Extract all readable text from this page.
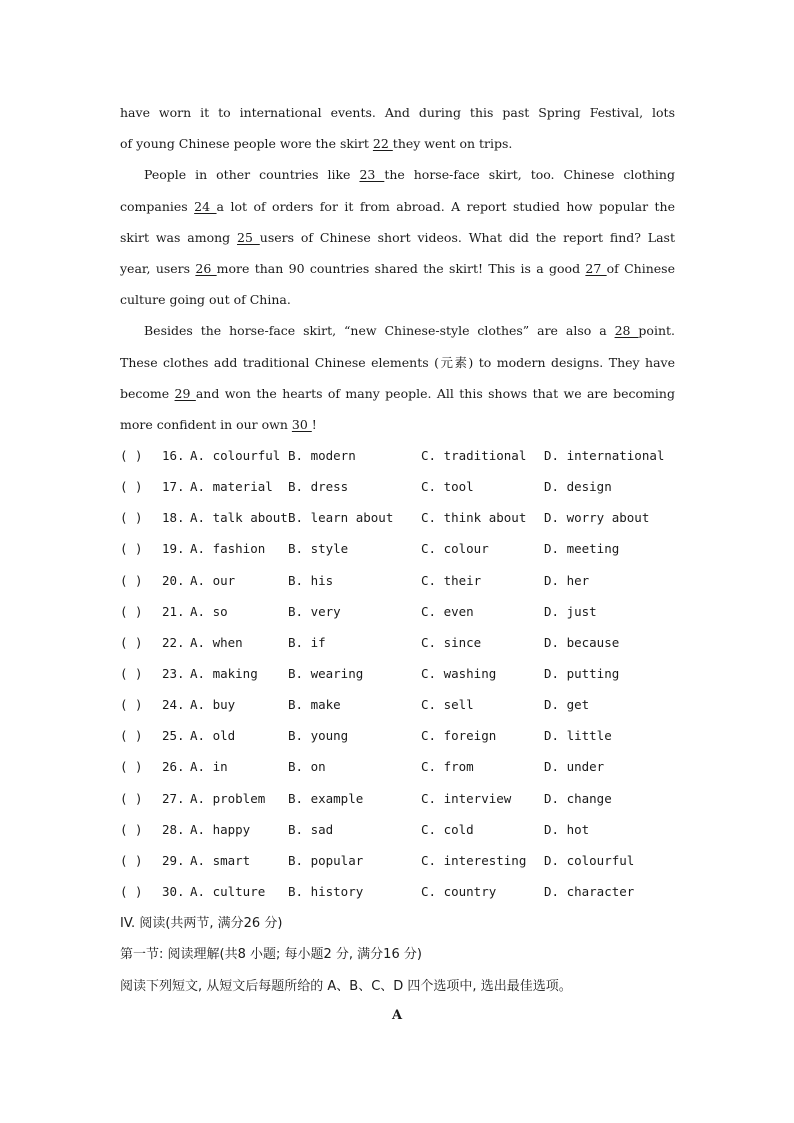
have worn it to international events. And during this past Spring Festival, lots
of young Chinese people wore the skirt 22 they went on trips.
People in other countries like 23 the horse-face skirt, too. Chinese clothing
companies 24 a lot of orders for it from abroad. A report studied how popular the
skirt was among 25 users of Chinese short videos. What did the report find? Last
year, users 26 more than 90 countries shared the skirt! This is a good 27 of Chinese
culture going out of China.
Besides the horse-face skirt, “new Chinese-style clothes” are also a 28 point.
These clothes add traditional Chinese elements (元素) to modern designs. They have
become 29 and won the hearts of many people. All this shows that we are becoming
more confident in our own 30 !
( ) 16. A. colourful B. modern	C. traditional D. international
( ) 17. A. material B. dress	C. tool	D. design
( ) 18. A. talk about B. learn about C. think about D. worry about
( ) 19. A. fashion B. style	C. colour	D. meeting
( ) 20. A. our	B. his	C. their	D. her
( ) 21. A. so	B. very	C. even	D. just
( ) 22. A. when	B. if	C. since	D. because
( ) 23. A. making B. wearing	C. washing	D. putting
( ) 24. A. buy	B. make	C. sell	D. get
( ) 25. A. old	B. young	C. foreign	D. little
( ) 26. A. in	B. on	C. from	D. under
( ) 27. A. problem B. example	C. interview	D. change
( ) 28. A. happy	B. sad	C. cold	D. hot
( ) 29. A. smart	B. popular	C. interesting D. colourful
( ) 30. A. culture B. history	C. country	D. character
IV. 阅读(共两节, 满分26 分)
第一节: 阅读理解(共8 小题; 每小题2 分, 满分16 分)
阅读下列短文, 从短文后每题所给的 A、B、C、D 四个选项中, 选出最佳选项。
A
